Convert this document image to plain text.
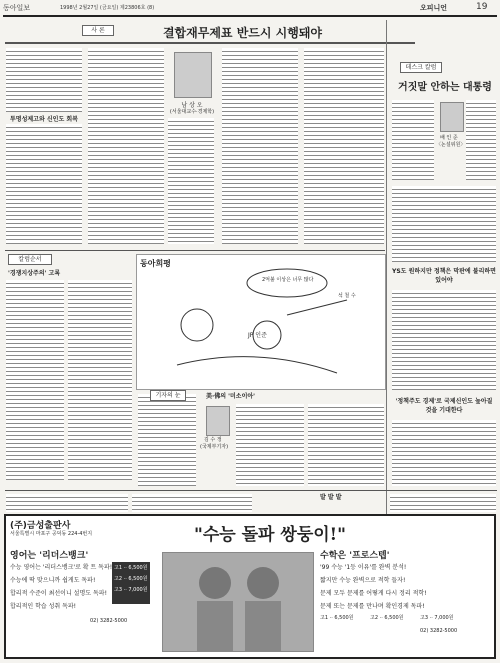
동아일보	1998년 2월27일 (금요일) 제23806호 (8)	오피니언	19
사 론	결합재무제표 반드시 시행돼야
투명성제고와 신인도 회복
남 상 오
(서울대교수·경제학)
칼럼순서
'경쟁지상주의' 고록
동아희평
2억불 이상은 너무 많다
JP 인준
석 철 수
기자의 눈	美·佛의 '미소이아'
김 수 정
(국제부기자)
데스크 칼럼
거짓말 안하는 대통령
배 인 준
〈논설위원〉
YS도 원하지만 정책은 막판에 불리하면 있어야
'정책주도 경제'로 국제신인도 높아질 것을 기대한다
발 발 발
(주)금성출판사
서울특별시 마포구 공덕동 224-4번지	"수능 돌파 쌍둥이!"
영어는 '리더스뱅크'
수능 영어는 '리더스뱅크'로 확 트 독파!
수능에 딱 맞으니까 쉽게도 독파!
합리적 수준이 최선이니 설명도 독파!
합리적인 학습 성취 독파!
고1 ·· 6,500원
고2 ·· 6,500원
고3 ·· 7,000원
02) 3282-5000
수학은 '프로스텝'
'99 수능 '1등 이유'를 완벽 분석!
짧지만 수능 완벽으로 적학 들자!
문제 모두 문제를 어떻게 다시 정리 적학!
문제 또는 문제를 만나며 확인경제 독파!
고1 ·· 6,500원	고2 ·· 6,500원	고3 ·· 7,000원
02) 3282-5000
